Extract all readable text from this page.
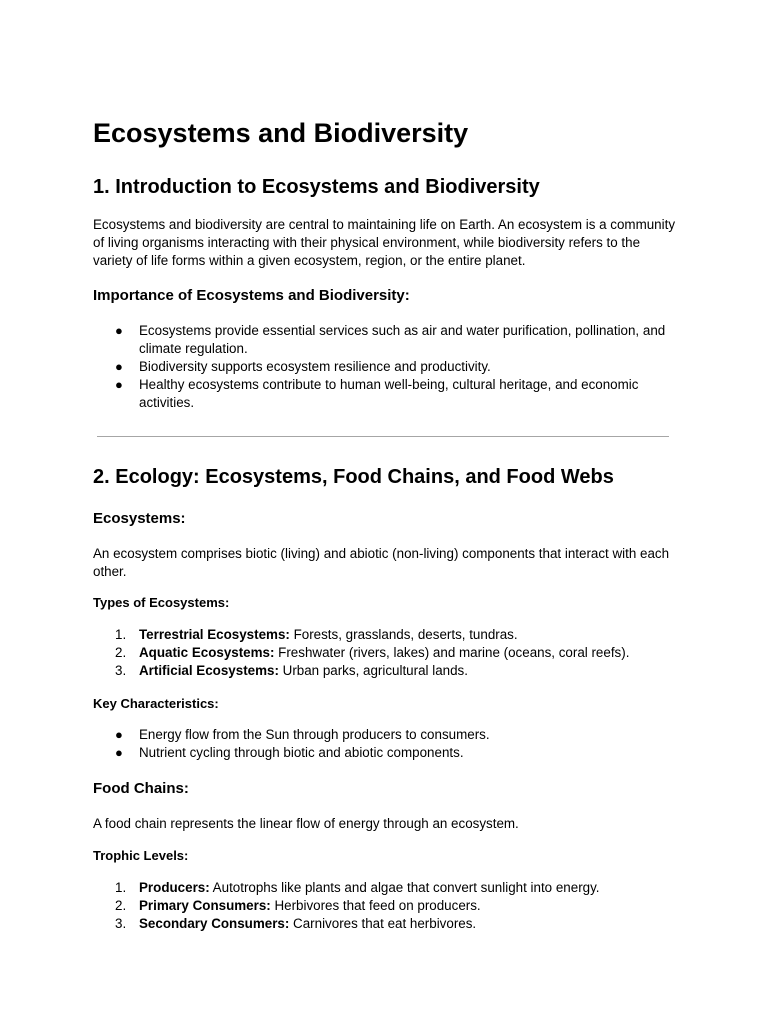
Ecosystems and Biodiversity
1. Introduction to Ecosystems and Biodiversity

Ecosystems and biodiversity are central to maintaining life on Earth. An ecosystem is a community of living organisms interacting with their physical environment, while biodiversity refers to the variety of life forms within a given ecosystem, region, or the entire planet.

Importance of Ecosystems and Biodiversity:
● Ecosystems provide essential services such as air and water purification, pollination, and climate regulation.
● Biodiversity supports ecosystem resilience and productivity.
● Healthy ecosystems contribute to human well-being, cultural heritage, and economic activities.
2. Ecology: Ecosystems, Food Chains, and Food Webs
Ecosystems:

An ecosystem comprises biotic (living) and abiotic (non-living) components that interact with each other.

Types of Ecosystems:
1. Terrestrial Ecosystems: Forests, grasslands, deserts, tundras.
2. Aquatic Ecosystems: Freshwater (rivers, lakes) and marine (oceans, coral reefs).
3. Artificial Ecosystems: Urban parks, agricultural lands.
Key Characteristics:
● Energy flow from the Sun through producers to consumers.
● Nutrient cycling through biotic and abiotic components.
Food Chains:

A food chain represents the linear flow of energy through an ecosystem.

Trophic Levels:
1. Producers: Autotrophs like plants and algae that convert sunlight into energy.
2. Primary Consumers: Herbivores that feed on producers.
3. Secondary Consumers: Carnivores that eat herbivores.
